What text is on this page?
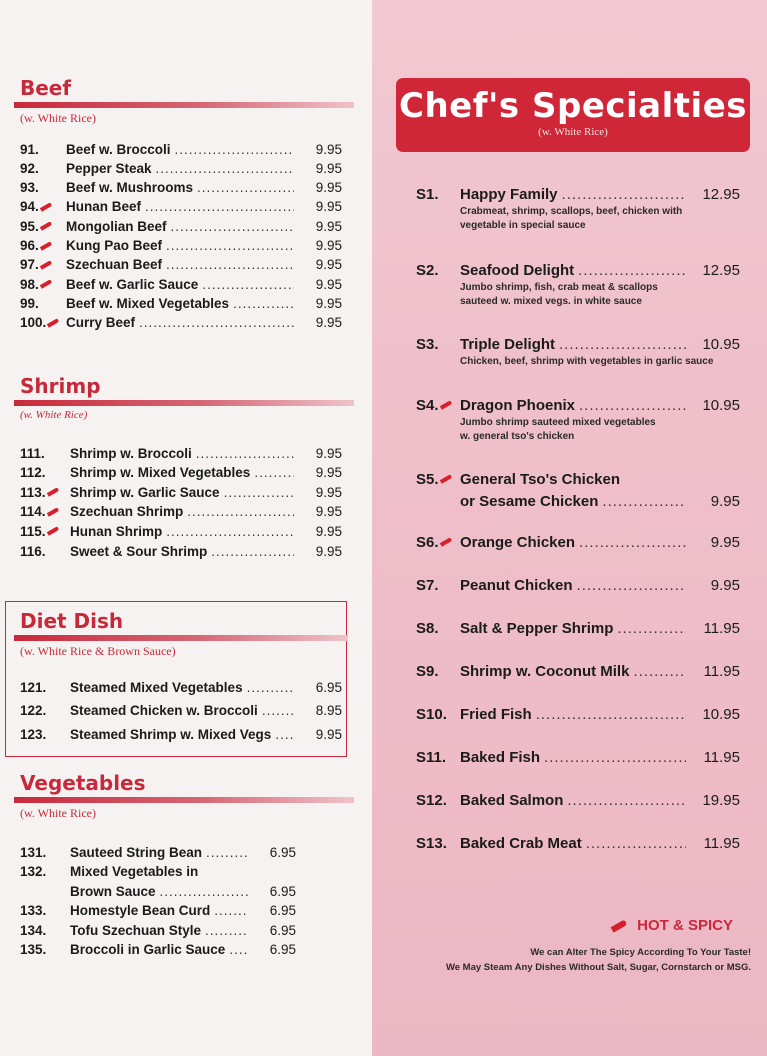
Beef
(w. White Rice)
91. Beef w. Broccoli .....	9.95
92. Pepper Steak .....	9.95
93. Beef w. Mushrooms .....	9.95
94. Hunan Beef .....	9.95
95. Mongolian Beef .....	9.95
96. Kung Pao Beef .....	9.95
97. Szechuan Beef .....	9.95
98. Beef w. Garlic Sauce .....	9.95
99. Beef w. Mixed Vegetables .....	9.95
100. Curry Beef .....	9.95
Shrimp
(w. White Rice)
111. Shrimp w. Broccoli .....	9.95
112. Shrimp w. Mixed Vegetables .....	9.95
113. Shrimp w. Garlic Sauce .....	9.95
114. Szechuan Shrimp .....	9.95
115. Hunan Shrimp .....	9.95
116. Sweet & Sour Shrimp .....	9.95
Diet Dish
(w. White Rice & Brown Sauce)
121. Steamed Mixed Vegetables .....	6.95
122. Steamed Chicken w. Broccoli .....	8.95
123. Steamed Shrimp w. Mixed Vegs .....	9.95
Vegetables
(w. White Rice)
131. Sauteed String Bean .....	6.95
132. Mixed Vegetables in
Brown Sauce .....	6.95
133. Homestyle Bean Curd .....	6.95
134. Tofu Szechuan Style .....	6.95
135. Broccoli in Garlic Sauce .....	6.95
Chef's Specialties
(w. White Rice)
S1. Happy Family .....	12.95
Crabmeat, shrimp, scallops, beef, chicken with
vegetable in special sauce
S2. Seafood Delight .....	12.95
Jumbo shrimp, fish, crab meat & scallops
sauteed w. mixed vegs. in white sauce
S3. Triple Delight .....	10.95
Chicken, beef, shrimp with vegetables in garlic sauce
S4. Dragon Phoenix .....	10.95
Jumbo shrimp sauteed mixed vegetables
w. general tso's chicken
S5. General Tso's Chicken
or Sesame Chicken .....	9.95
S6. Orange Chicken .....	9.95
S7. Peanut Chicken .....	9.95
S8. Salt & Pepper Shrimp .....	11.95
S9. Shrimp w. Coconut Milk .....	11.95
S10. Fried Fish .....	10.95
S11. Baked Fish .....	11.95
S12. Baked Salmon .....	19.95
S13. Baked Crab Meat .....	11.95
HOT & SPICY
We can Alter The Spicy According To Your Taste!
We May Steam Any Dishes Without Salt, Sugar, Cornstarch or MSG.
